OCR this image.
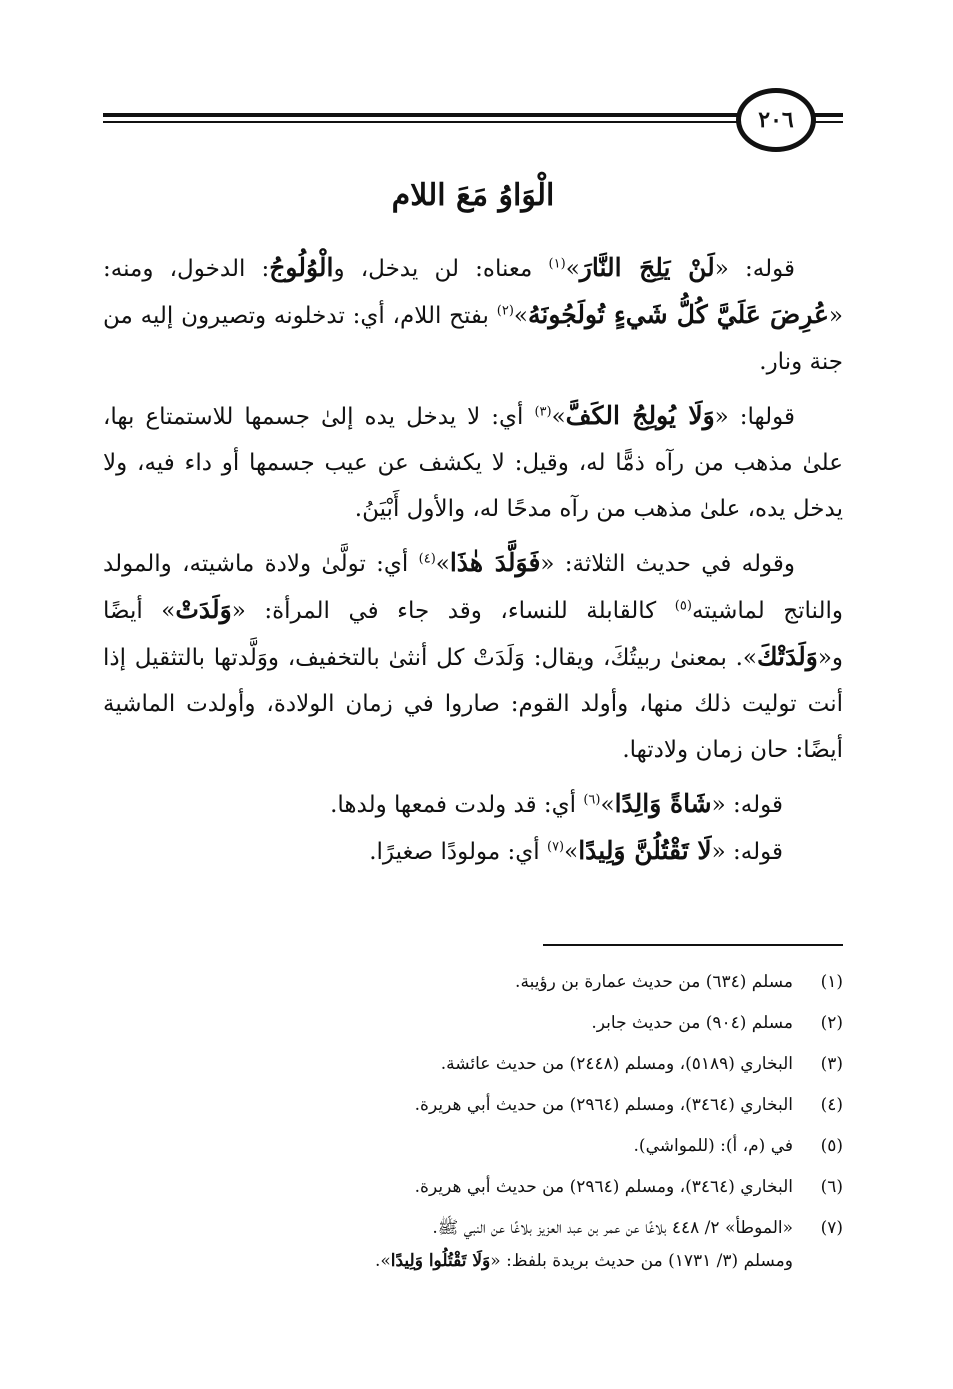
٢٠٦
الْوَاوُ مَعَ اللام

قوله: «لَنْ يَلِجَ النَّارَ»$^{(١)}$ معناه: لن يدخل، والْوُلُوجُ: الدخول، ومنه: «عُرِضَ عَلَيَّ كُلُّ شَيءٍ تُولَجُونَهُ»$^{(٢)}$ بفتح اللام، أي: تدخلونه وتصيرون إليه من جنة ونار.

قولها: «وَلَا يُولِجُ الكَفَّ»$^{(٣)}$ أي: لا يدخل يده إلىٰ جسمها للاستمتاع بها، علىٰ مذهب من رآه ذمًّا له، وقيل: لا يكشف عن عيب جسمها أو داء فيه، ولا يدخل يده، علىٰ مذهب من رآه مدحًا له، والأول أَبْيَنُ.

وقوله في حديث الثلاثة: «فَوَلَّدَ هٰذَا»$^{(٤)}$ أي: تولَّىٰ ولادة ماشيته، والمولد والناتج لماشيته$^{(٥)}$ كالقابلة للنساء، وقد جاء في المرأة: «وَلَدَتْ» أيضًا و«وَلَدَتْكَ». بمعنىٰ ربيتُكَ، ويقال: وَلَدَتْ كل أنثىٰ بالتخفيف، ووَلَّدتها بالتثقيل إذا أنت توليت ذلك منها، وأولد القوم: صاروا في زمان الولادة، وأولدت الماشية أيضًا: حان زمان ولادتها.

قوله: «شَاةً وَالِدًا»$^{(٦)}$ أي: قد ولدت فمعها ولدها.

قوله: «لَا تَقْتُلُنَّ وَلِيدًا»$^{(٧)}$ أي: مولودًا صغيرًا.

(١)
مسلم (٦٣٤) من حديث عمارة بن رؤيبة.
(٢)
مسلم (٩٠٤) من حديث جابر.
(٣)
البخاري (٥١٨٩)، ومسلم (٢٤٤٨) من حديث عائشة.
(٤)
البخاري (٣٤٦٤)، ومسلم (٢٩٦٤) من حديث أبي هريرة.
(٥)
في (م، أ): (للمواشي).
(٦)
البخاري (٣٤٦٤)، ومسلم (٢٩٦٤) من حديث أبي هريرة.
(٧)
«الموطأ» ٢/ ٤٤٨ بلاغًا عن عمر بن عبد العزيز بلاغًا عن النبي ﷺ.
ومسلم (٣/ ١٧٣١) من حديث بريدة بلفظ: «وَلَا تَقْتُلُوا وَلِيدًا».
